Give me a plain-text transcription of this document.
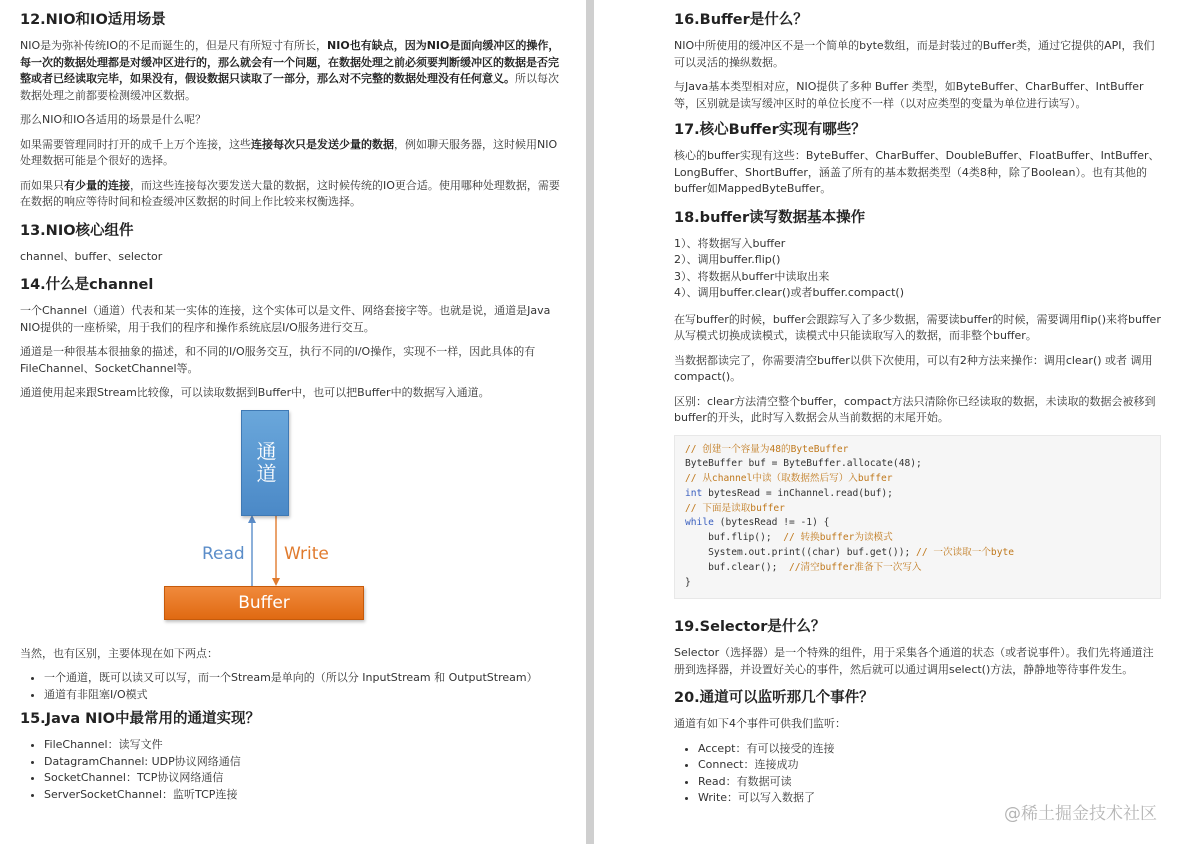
12.NIO和IO适用场景

NIO是为弥补传统IO的不足而诞生的，但是尺有所短寸有所长，NIO也有缺点，因为NIO是面向缓冲区的操作，每一次的数据处理都是对缓冲区进行的，那么就会有一个问题，在数据处理之前必须要判断缓冲区的数据是否完整或者已经读取完毕，如果没有，假设数据只读取了一部分，那么对不完整的数据处理没有任何意义。所以每次数据处理之前都要检测缓冲区数据。

那么NIO和IO各适用的场景是什么呢？

如果需要管理同时打开的成千上万个连接，这些连接每次只是发送少量的数据，例如聊天服务器，这时候用NIO处理数据可能是个很好的选择。

而如果只有少量的连接，而这些连接每次要发送大量的数据，这时候传统的IO更合适。使用哪种处理数据，需要在数据的响应等待时间和检查缓冲区数据的时间上作比较来权衡选择。

13.NIO核心组件

channel、buffer、selector

14.什么是channel

一个Channel（通道）代表和某一实体的连接，这个实体可以是文件、网络套接字等。也就是说，通道是Java NIO提供的一座桥梁，用于我们的程序和操作系统底层I/O服务进行交互。

通道是一种很基本很抽象的描述，和不同的I/O服务交互，执行不同的I/O操作，实现不一样，因此具体的有FileChannel、SocketChannel等。

通道使用起来跟Stream比较像，可以读取数据到Buffer中，也可以把Buffer中的数据写入通道。

通道
Read Write
Buffer

当然，也有区别，主要体现在如下两点：

• 一个通道，既可以读又可以写，而一个Stream是单向的（所以分 InputStream 和 OutputStream）
• 通道有非阻塞I/O模式
15.Java NIO中最常用的通道实现？
• FileChannel：读写文件
• DatagramChannel: UDP协议网络通信
• SocketChannel：TCP协议网络通信
• ServerSocketChannel：监听TCP连接
16.Buffer是什么？

NIO中所使用的缓冲区不是一个简单的byte数组，而是封装过的Buffer类，通过它提供的API，我们可以灵活的操纵数据。

与Java基本类型相对应，NIO提供了多种 Buffer 类型，如ByteBuffer、CharBuffer、IntBuffer等，区别就是读写缓冲区时的单位长度不一样（以对应类型的变量为单位进行读写）。

17.核心Buffer实现有哪些？

核心的buffer实现有这些：ByteBuffer、CharBuffer、DoubleBuffer、FloatBuffer、IntBuffer、LongBuffer、ShortBuffer，涵盖了所有的基本数据类型（4类8种，除了Boolean）。也有其他的buffer如MappedByteBuffer。

18.buffer读写数据基本操作
1）、将数据写入buffer
2）、调用buffer.flip()
3）、将数据从buffer中读取出来
4）、调用buffer.clear()或者buffer.compact()

在写buffer的时候，buffer会跟踪写入了多少数据，需要读buffer的时候，需要调用flip()来将buffer从写模式切换成读模式，读模式中只能读取写入的数据，而非整个buffer。

当数据都读完了，你需要清空buffer以供下次使用，可以有2种方法来操作：调用clear() 或者 调用 compact()。

区别：clear方法清空整个buffer，compact方法只清除你已经读取的数据，未读取的数据会被移到buffer的开头，此时写入数据会从当前数据的末尾开始。

// 创建一个容量为48的ByteBuffer
ByteBuffer buf = ByteBuffer.allocate(48);
// 从channel中读（取数据然后写）入buffer
int bytesRead = inChannel.read(buf);
// 下面是读取buffer
while (bytesRead != -1) {
buf.flip();  // 转换buffer为读模式
System.out.print((char) buf.get()); // 一次读取一个byte
buf.clear();  //清空buffer准备下一次写入
}
19.Selector是什么？

Selector（选择器）是一个特殊的组件，用于采集各个通道的状态（或者说事件）。我们先将通道注册到选择器，并设置好关心的事件，然后就可以通过调用select()方法，静静地等待事件发生。

20.通道可以监听那几个事件？

通道有如下4个事件可供我们监听：

• Accept：有可以接受的连接
• Connect：连接成功
• Read：有数据可读
• Write：可以写入数据了
@稀土掘金技术社区
